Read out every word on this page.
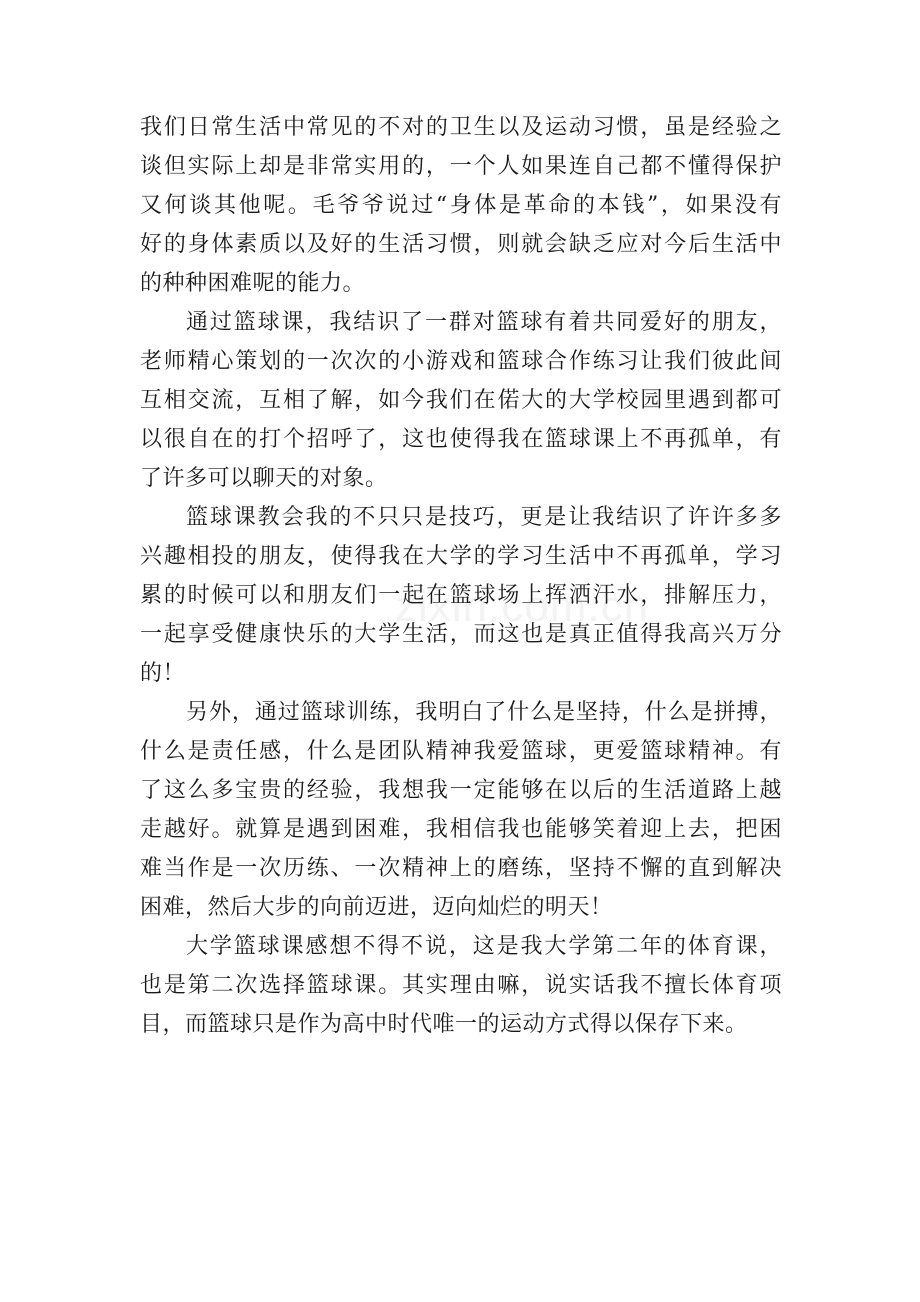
我们日常生活中常见的不对的卫生以及运动习惯，虽是经验之
谈但实际上却是非常实用的，一个人如果连自己都不懂得保护
又何谈其他呢。毛爷爷说过“身体是革命的本钱”，如果没有
好的身体素质以及好的生活习惯，则就会缺乏应对今后生活中
的种种困难呢的能力。
通过篮球课，我结识了一群对篮球有着共同爱好的朋友，
老师精心策划的一次次的小游戏和篮球合作练习让我们彼此间
互相交流，互相了解，如今我们在偌大的大学校园里遇到都可
以很自在的打个招呼了，这也使得我在篮球课上不再孤单，有
了许多可以聊天的对象。
篮球课教会我的不只只是技巧，更是让我结识了许许多多
兴趣相投的朋友，使得我在大学的学习生活中不再孤单，学习
累的时候可以和朋友们一起在篮球场上挥洒汗水，排解压力，
一起享受健康快乐的大学生活，而这也是真正值得我高兴万分
的！
另外，通过篮球训练，我明白了什么是坚持，什么是拼搏，
什么是责任感，什么是团队精神我爱篮球，更爱篮球精神。有
了这么多宝贵的经验，我想我一定能够在以后的生活道路上越
走越好。就算是遇到困难，我相信我也能够笑着迎上去，把困
难当作是一次历练、一次精神上的磨练，坚持不懈的直到解决
困难，然后大步的向前迈进，迈向灿烂的明天！
大学篮球课感想不得不说，这是我大学第二年的体育课，
也是第二次选择篮球课。其实理由嘛，说实话我不擅长体育项
目，而篮球只是作为高中时代唯一的运动方式得以保存下来。
